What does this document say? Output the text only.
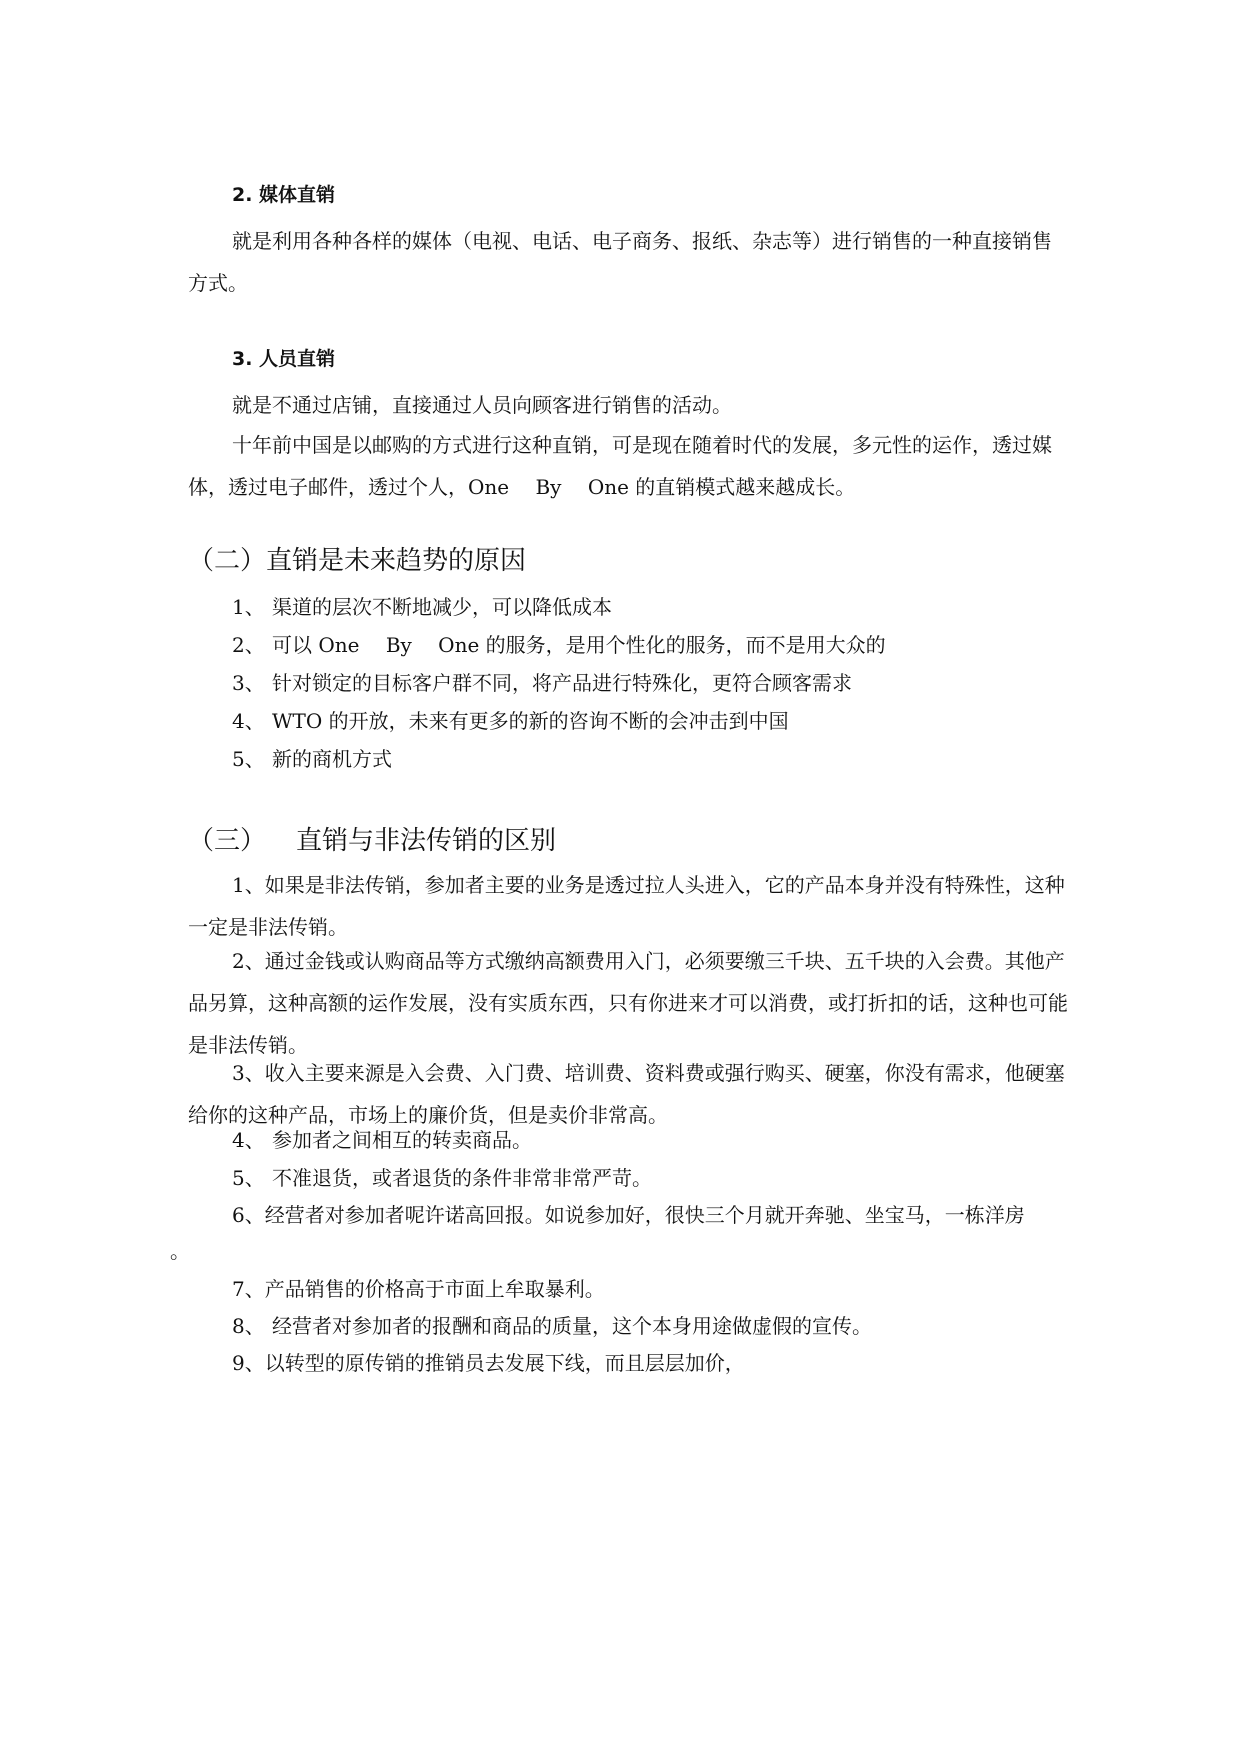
2. 媒体直销
就是利用各种各样的媒体（电视、电话、电子商务、报纸、杂志等）进行销售的一种直接销售方式。
3. 人员直销
就是不通过店铺，直接通过人员向顾客进行销售的活动。
十年前中国是以邮购的方式进行这种直销，可是现在随着时代的发展，多元性的运作，透过媒体，透过电子邮件，透过个人，One　 By　 One 的直销模式越来越成长。
（二）直销是未来趋势的原因
1、 渠道的层次不断地减少，可以降低成本
2、 可以 One　 By　 One 的服务，是用个性化的服务，而不是用大众的
3、 针对锁定的目标客户群不同，将产品进行特殊化，更符合顾客需求
4、 WTO 的开放，未来有更多的新的咨询不断的会冲击到中国
5、 新的商机方式
（三） 直销与非法传销的区别
1、如果是非法传销，参加者主要的业务是透过拉人头进入，它的产品本身并没有特殊性，这种一定是非法传销。
2、通过金钱或认购商品等方式缴纳高额费用入门，必须要缴三千块、五千块的入会费。其他产品另算，这种高额的运作发展，没有实质东西，只有你进来才可以消费，或打折扣的话，这种也可能是非法传销。
3、收入主要来源是入会费、入门费、培训费、资料费或强行购买、硬塞，你没有需求，他硬塞给你的这种产品，市场上的廉价货，但是卖价非常高。
4、 参加者之间相互的转卖商品。
5、 不准退货，或者退货的条件非常非常严苛。
6、经营者对参加者呢许诺高回报。如说参加好，很快三个月就开奔驰、坐宝马，一栋洋房
。
7、产品销售的价格高于市面上牟取暴利。
8、 经营者对参加者的报酬和商品的质量，这个本身用途做虚假的宣传。
9、以转型的原传销的推销员去发展下线，而且层层加价，
